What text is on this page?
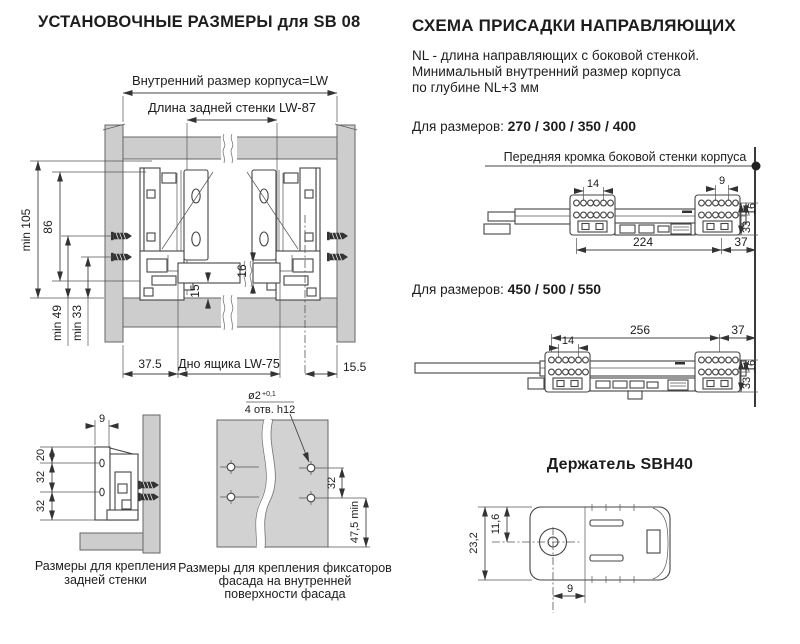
УСТАНОВОЧНЫЕ РАЗМЕРЫ для SB 08	СХЕМА ПРИСАДКИ НАПРАВЛЯЮЩИХ
NL - длина направляющих с боковой стенкой.
Минимальный внутренний размер корпуса
по глубине NL+3 мм
Для размеров: 270 / 300 / 350 / 400
Для размеров: 450 / 500 / 550
Внутренний размер корпуса=LW
Длина задней стенки LW-87
min 105 86
min 49 min 33
16
15
37.5 Дно ящика LW-75	15.5
9
20
32
32
Размеры для крепления
задней стенки
ø2 +0,1
4 отв. h12
32
47,5 min
Размеры для крепления фиксаторов
фасада на внутренней
поверхности фасада
Передняя кромка боковой стенки корпуса
14	9
16
33
224	37
256	37
14
16
33
Держатель SBH40
23,2
11,6
9
